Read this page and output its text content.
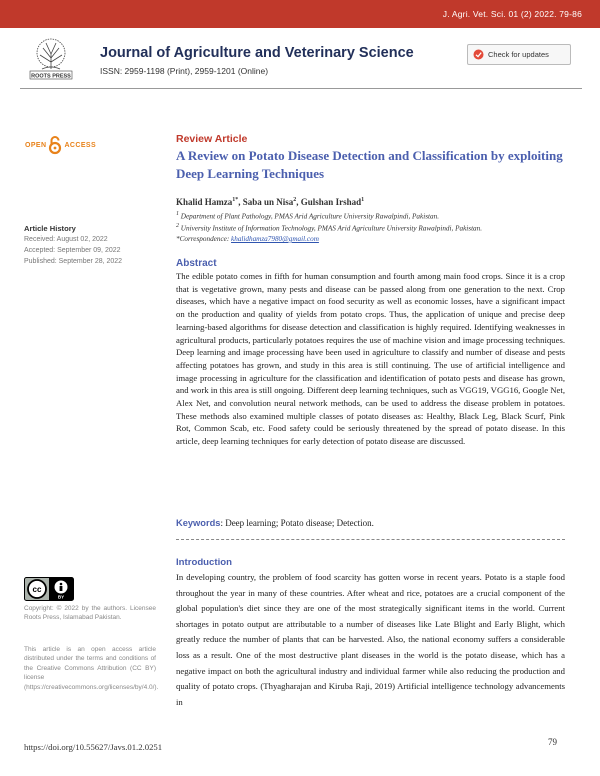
J. Agri. Vet. Sci. 01 (2) 2022. 79-86
ROOTS PRESS
Journal of Agriculture and Veterinary Science
ISSN: 2959-1198 (Print), 2959-1201 (Online)
Check for updates
OPEN	ACCESS	Review Article
A Review on Potato Disease Detection and Classification by exploiting Deep Learning Techniques
Khalid Hamza$^{1*}$, Saba un Nisa$^2$, Gulshan Irshad$^1$
$^1$ Department of Plant Pathology, PMAS Arid Agriculture University Rawalpindi, Pakistan.
$^2$ University Institute of Information Technology, PMAS Arid Agriculture University Rawalpindi, Pakistan.
*Correspondence: khalidhamza7980@gmail.com
Article History
Received: August 02, 2022
Accepted: September 09, 2022
Published: September 28, 2022	Abstract
The edible potato comes in fifth for human consumption and fourth among main food crops. Since it is a crop that is vegetative grown, many pests and disease can be passed along from one generation to the next. Crop diseases, which have a negative impact on food security as well as economic losses, have a significant impact on the production and quality of yields from potato crops. Thus, the application of unique and precise deep learning-based algorithms for disease detection and classification is highly required. Identifying weaknesses in agricultural products, particularly potatoes requires the use of machine vision and image processing techniques. Deep learning and image processing have been used in agriculture to classify and number of disease and pests affecting potatoes has grown, and study in this area is still continuing. The use of artificial intelligence and image processing in agriculture for the classification and identification of potato pests and disease has grown, and work in this area is still ongoing. Different deep learning techniques, such as VGG19, VGG16, Google Net, Alex Net, and convolution neural network methods, can be used to address the disease problem in potatoes. These methods also examined multiple classes of potato diseases as: Healthy, Black Leg, Black Scurf, Pink Rot, Common Scab, etc. Food safety could be seriously threatened by the spread of potato disease. In this article, deep learning techniques for early detection of potato disease are discussed.
Keywords: Deep learning; Potato disease; Detection.
Introduction
In developing country, the problem of food scarcity has gotten worse in recent years. Potato is a staple food throughout the year in many of these countries. After wheat and rice, potatoes are a crucial component of the global population's diet since they are one of the most strategically significant items in the world. Current shortages in potato output are attributable to a number of diseases like Late Blight and Early Blight, which greatly reduce the number of plants that can be harvested. Also, the national economy suffers a considerable loss as a result. One of the most destructive plant diseases in the world is the potato disease, which has a negative impact on both the agricultural industry and individual farmer while also reducing the production and quality of potato crops. (Thyagharajan and Kiruba Raji, 2019) Artificial intelligence technology advancements in
cc
BY
Copyright: © 2022 by the authors. Licensee Roots Press, Islamabad Pakistan.
This article is an open access article distributed under the terms and conditions of the Creative Commons Attribution (CC BY) license (https://creativecommons.org/licenses/by/4.0/).
https://doi.org/10.55627/Javs.01.2.0251	79
